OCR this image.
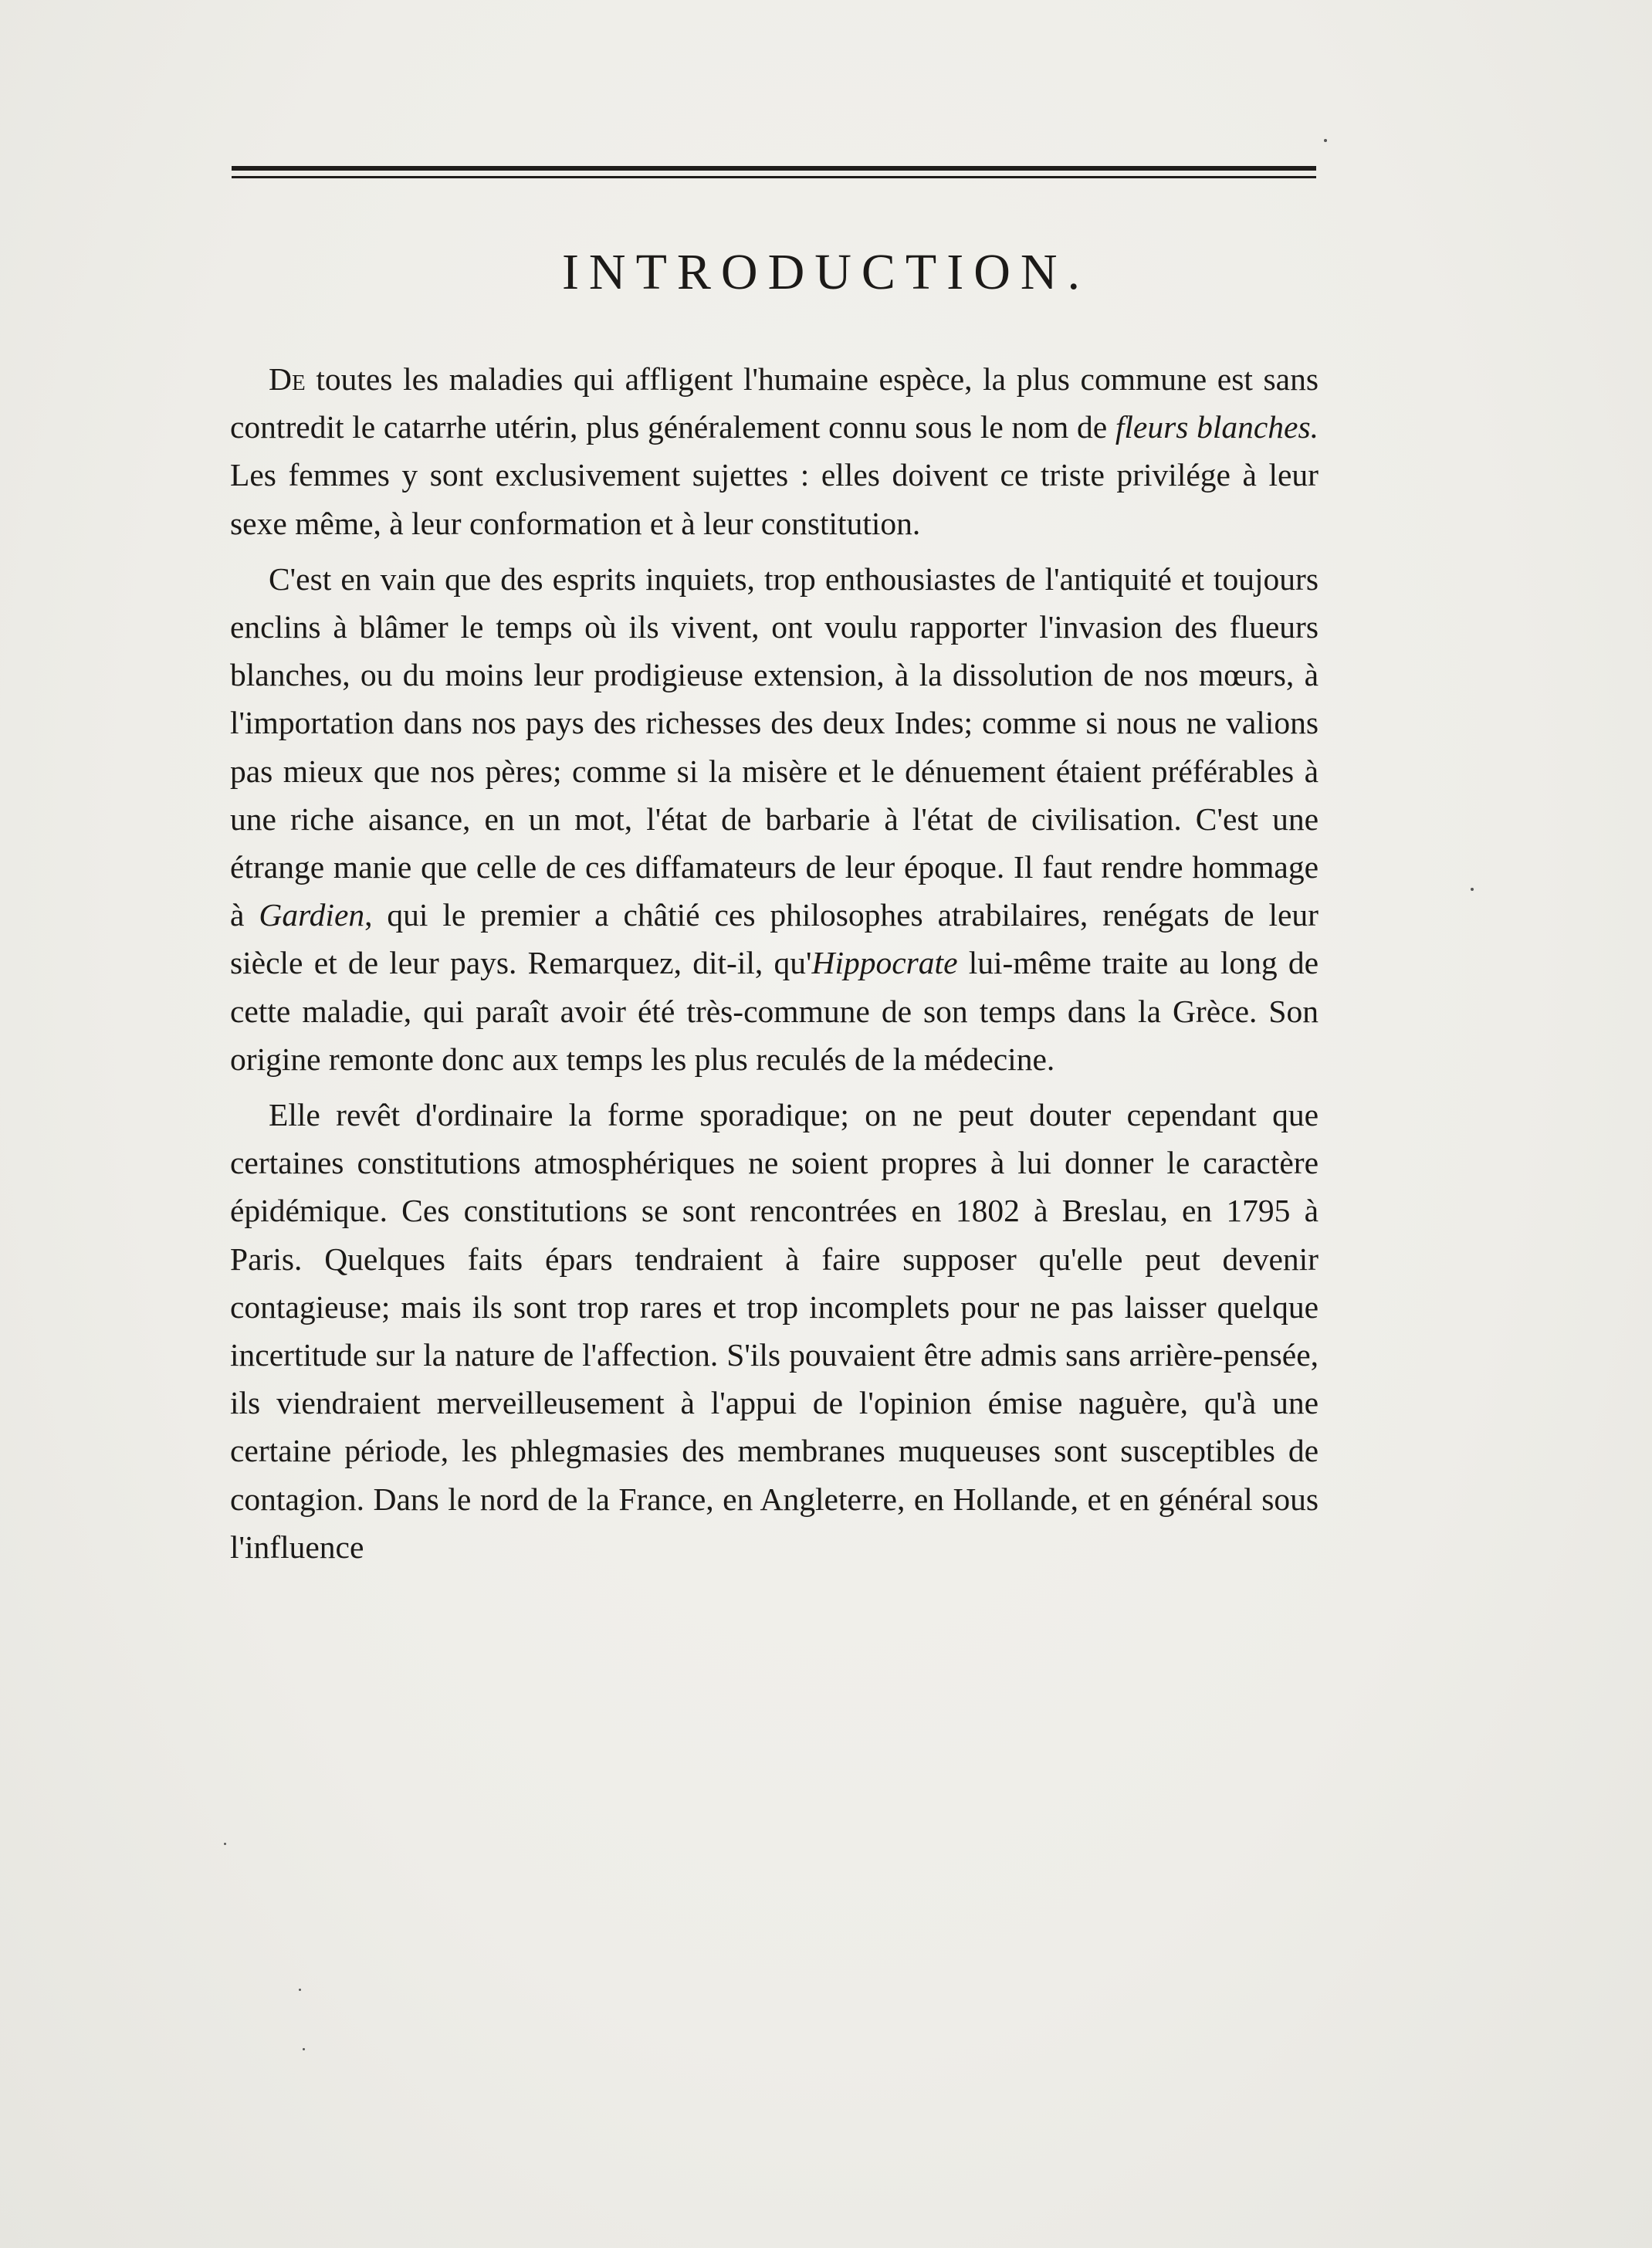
INTRODUCTION.

De toutes les maladies qui affligent l'humaine espèce, la plus commune est sans contredit le catarrhe utérin, plus généralement connu sous le nom de fleurs blanches. Les femmes y sont exclusivement sujettes : elles doivent ce triste privilége à leur sexe même, à leur conformation et à leur constitution.

C'est en vain que des esprits inquiets, trop enthousiastes de l'antiquité et toujours enclins à blâmer le temps où ils vivent, ont voulu rapporter l'invasion des flueurs blanches, ou du moins leur prodigieuse extension, à la dissolution de nos mœurs, à l'importation dans nos pays des richesses des deux Indes; comme si nous ne valions pas mieux que nos pères; comme si la misère et le dénuement étaient préférables à une riche aisance, en un mot, l'état de barbarie à l'état de civilisation. C'est une étrange manie que celle de ces diffamateurs de leur époque. Il faut rendre hommage à Gardien, qui le premier a châtié ces philosophes atrabilaires, renégats de leur siècle et de leur pays. Remarquez, dit-il, qu'Hippocrate lui-même traite au long de cette maladie, qui paraît avoir été très-commune de son temps dans la Grèce. Son origine remonte donc aux temps les plus reculés de la médecine.

Elle revêt d'ordinaire la forme sporadique; on ne peut douter cependant que certaines constitutions atmosphériques ne soient propres à lui donner le caractère épidémique. Ces constitutions se sont rencontrées en 1802 à Breslau, en 1795 à Paris. Quelques faits épars tendraient à faire supposer qu'elle peut devenir contagieuse; mais ils sont trop rares et trop incomplets pour ne pas laisser quelque incertitude sur la nature de l'affection. S'ils pouvaient être admis sans arrière-pensée, ils viendraient merveilleusement à l'appui de l'opinion émise naguère, qu'à une certaine période, les phlegmasies des membranes muqueuses sont susceptibles de contagion. Dans le nord de la France, en Angleterre, en Hollande, et en général sous l'influence
